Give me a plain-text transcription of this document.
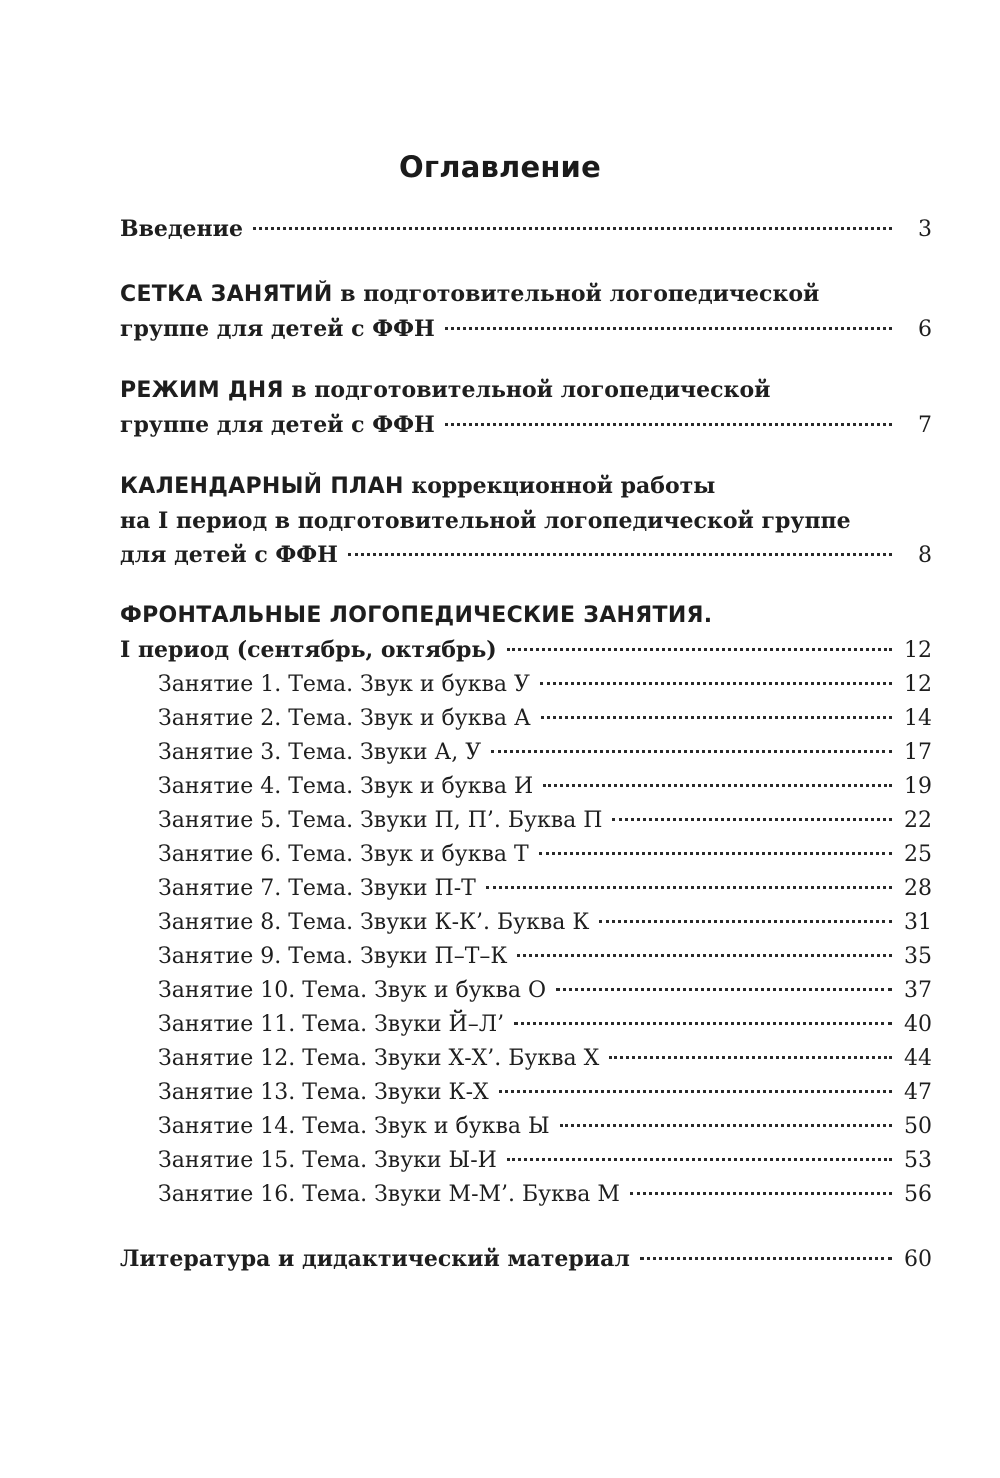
Оглавление
Введение	3
СЕТКА ЗАНЯТИЙ в подготовительной логопедической
группе для детей с ФФН	6
РЕЖИМ ДНЯ в подготовительной логопедической
группе для детей с ФФН	7
КАЛЕНДАРНЫЙ ПЛАН коррекционной работы
на I период в подготовительной логопедической группе
для детей с ФФН	8
ФРОНТАЛЬНЫЕ ЛОГОПЕДИЧЕСКИЕ ЗАНЯТИЯ.
I период (сентябрь, октябрь)	12
Занятие 1. Тема. Звук и буква У	12
Занятие 2. Тема. Звук и буква А	14
Занятие 3. Тема. Звуки А, У	17
Занятие 4. Тема. Звук и буква И	19
Занятие 5. Тема. Звуки П, П’. Буква П	22
Занятие 6. Тема. Звук и буква Т	25
Занятие 7. Тема. Звуки П-Т	28
Занятие 8. Тема. Звуки К-К’. Буква К	31
Занятие 9. Тема. Звуки П–Т–К	35
Занятие 10. Тема. Звук и буква О	37
Занятие 11. Тема. Звуки Й–Л’	40
Занятие 12. Тема. Звуки Х-Х’. Буква Х	44
Занятие 13. Тема. Звуки К-Х	47
Занятие 14. Тема. Звук и буква Ы	50
Занятие 15. Тема. Звуки Ы-И	53
Занятие 16. Тема. Звуки М-М’. Буква М	56
Литература и дидактический материал	60
